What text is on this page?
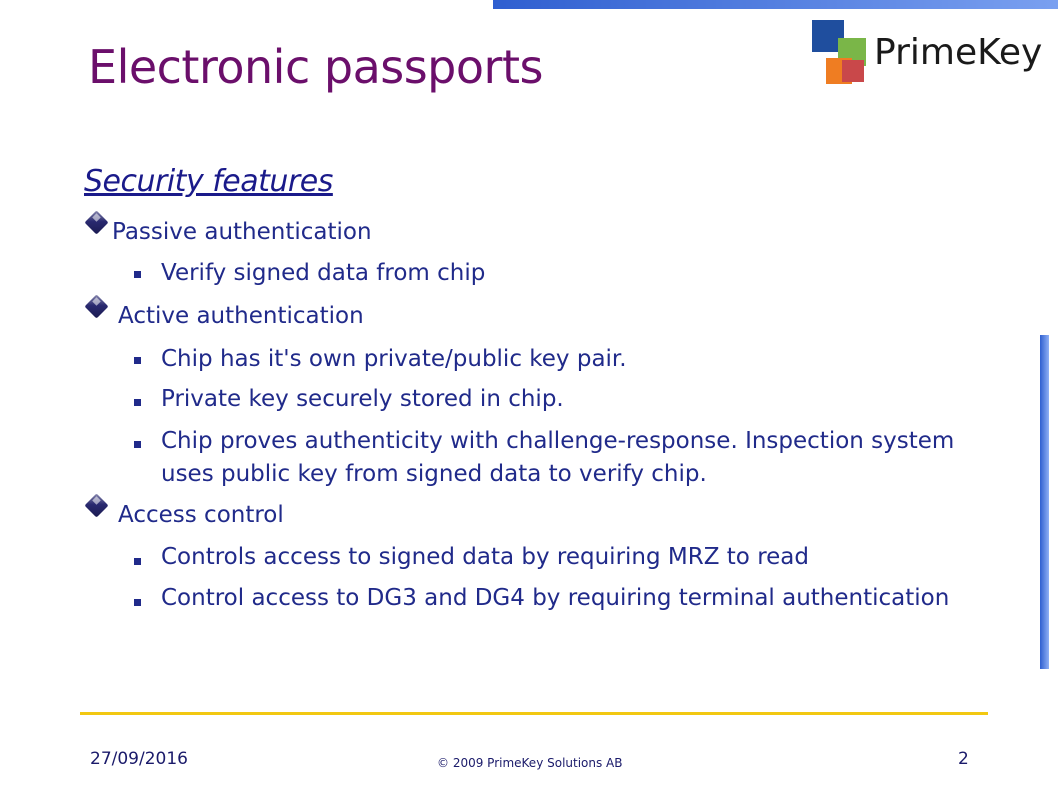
Electronic passports	PrimeKey
Security features
Passive authentication
Verify signed data from chip
Active authentication
Chip has it's own private/public key pair.
Private key securely stored in chip.
Chip proves authenticity with challenge-response. Inspection system
uses public key from signed data to verify chip.
Access control
Controls access to signed data by requiring MRZ to read
Control access to DG3 and DG4 by requiring terminal authentication
27/09/2016	© 2009 PrimeKey Solutions AB	2
